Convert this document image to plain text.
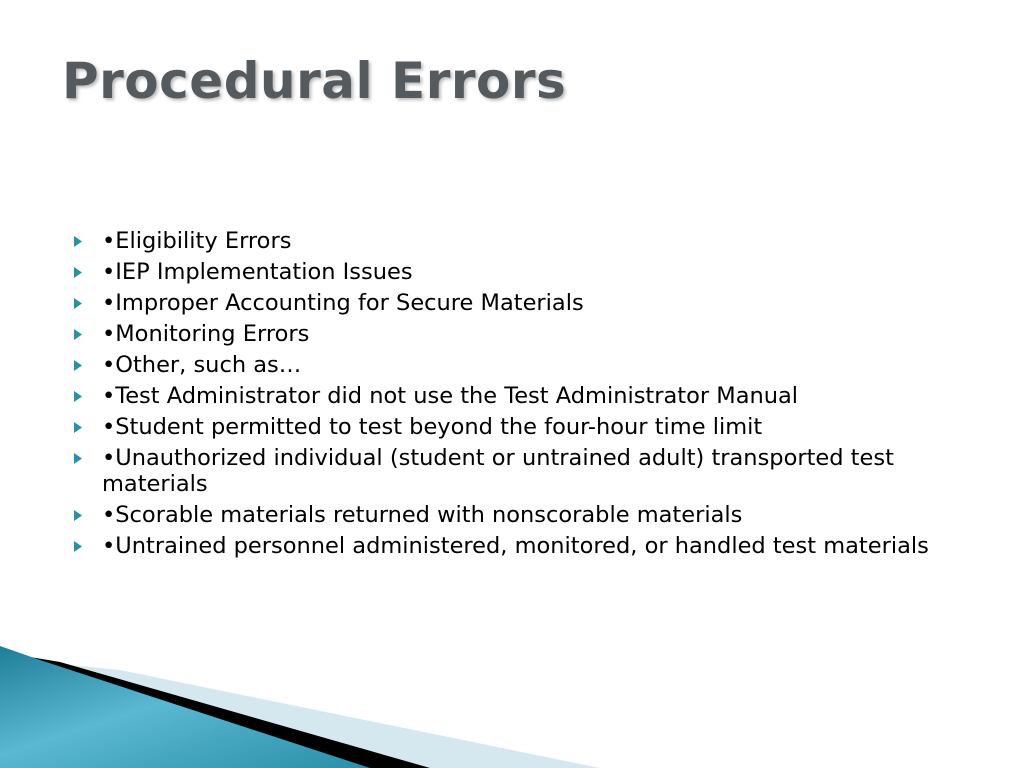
Procedural Errors
•Eligibility Errors
•IEP Implementation Issues
•Improper Accounting for Secure Materials
•Monitoring Errors
•Other, such as…
•Test Administrator did not use the Test Administrator Manual
•Student permitted to test beyond the four-hour time limit
•Unauthorized individual (student or untrained adult) transported test materials
•Scorable materials returned with nonscorable materials
•Untrained personnel administered, monitored, or handled test materials
